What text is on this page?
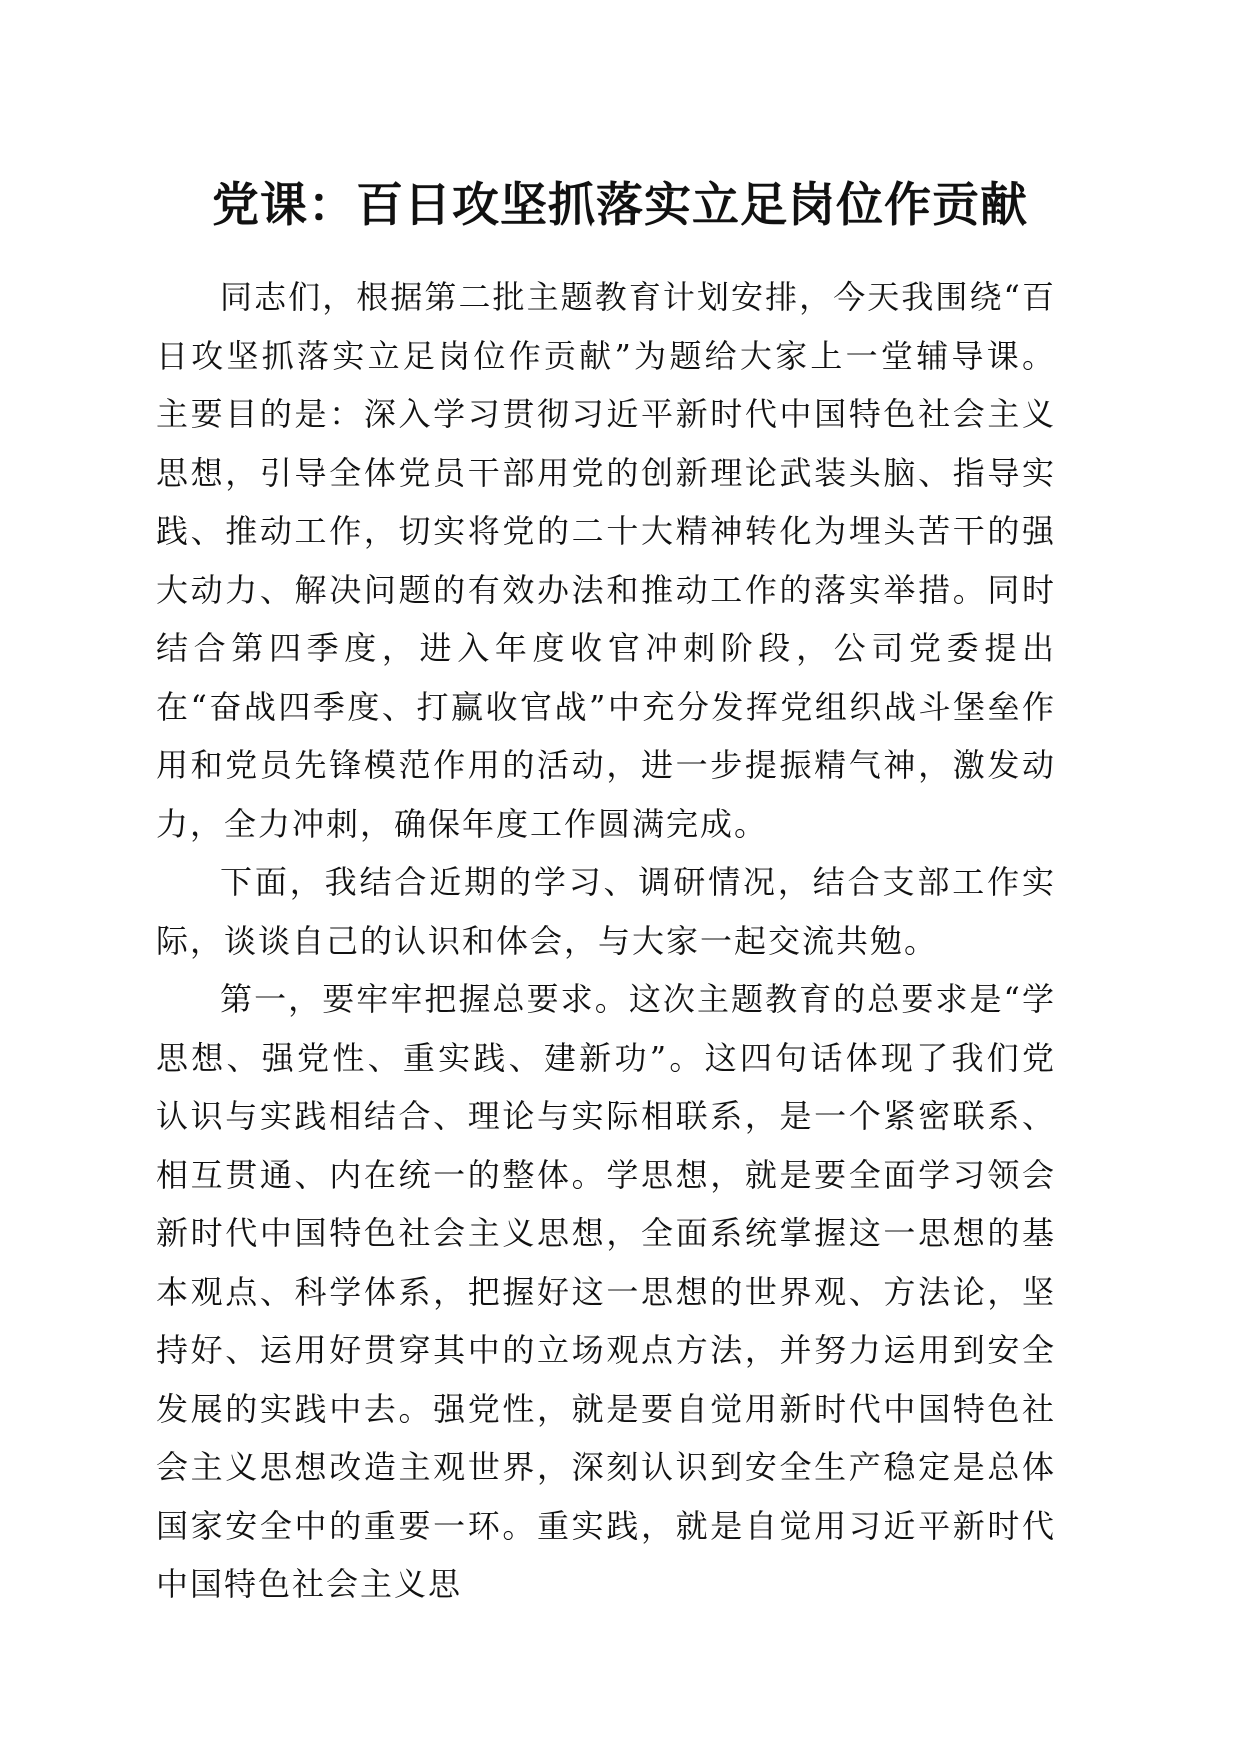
党课：百日攻坚抓落实立足岗位作贡献

同志们，根据第二批主题教育计划安排，今天我围绕“百日攻坚抓落实立足岗位作贡献”为题给大家上一堂辅导课。主要目的是：深入学习贯彻习近平新时代中国特色社会主义思想，引导全体党员干部用党的创新理论武装头脑、指导实践、推动工作，切实将党的二十大精神转化为埋头苦干的强大动力、解决问题的有效办法和推动工作的落实举措。同时结合第四季度，进入年度收官冲刺阶段，公司党委提出在“奋战四季度、打赢收官战”中充分发挥党组织战斗堡垒作用和党员先锋模范作用的活动，进一步提振精气神，激发动力，全力冲刺，确保年度工作圆满完成。

下面，我结合近期的学习、调研情况，结合支部工作实际，谈谈自己的认识和体会，与大家一起交流共勉。

第一，要牢牢把握总要求。这次主题教育的总要求是“学思想、强党性、重实践、建新功”。这四句话体现了我们党认识与实践相结合、理论与实际相联系，是一个紧密联系、相互贯通、内在统一的整体。学思想，就是要全面学习领会新时代中国特色社会主义思想，全面系统掌握这一思想的基本观点、科学体系，把握好这一思想的世界观、方法论，坚持好、运用好贯穿其中的立场观点方法，并努力运用到安全发展的实践中去。强党性，就是要自觉用新时代中国特色社会主义思想改造主观世界，深刻认识到安全生产稳定是总体国家安全中的重要一环。重实践，就是自觉用习近平新时代中国特色社会主义思
